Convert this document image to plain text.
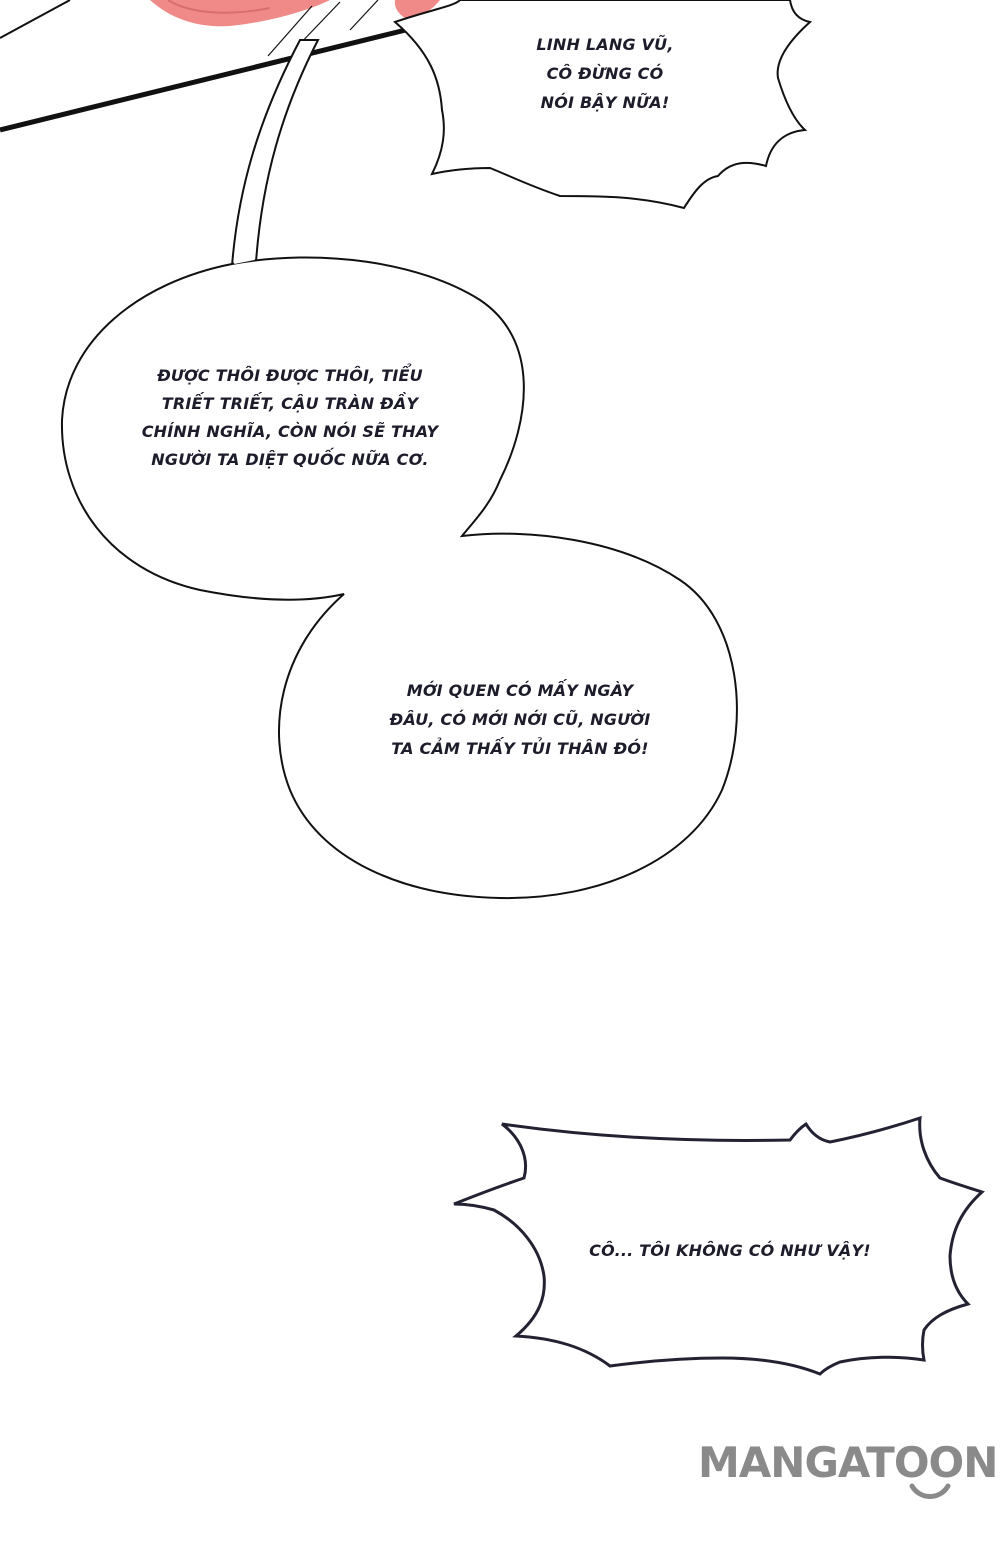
LINH LANG VŨ,
CÔ ĐỪNG CÓ
NÓI BẬY NỮA!
ĐƯỢC THÔI ĐƯỢC THÔI, TIỂU
TRIẾT TRIẾT, CẬU TRÀN ĐẦY
CHÍNH NGHĨA, CÒN NÓI SẼ THAY
NGƯỜI TA DIỆT QUỐC NỮA CƠ.
MỚI QUEN CÓ MẤY NGÀY
ĐÂU, CÓ MỚI NỚI CŨ, NGƯỜI
TA CẢM THẤY TỦI THÂN ĐÓ!
CÔ... TÔI KHÔNG CÓ NHƯ VẬY!
MANGATOON
